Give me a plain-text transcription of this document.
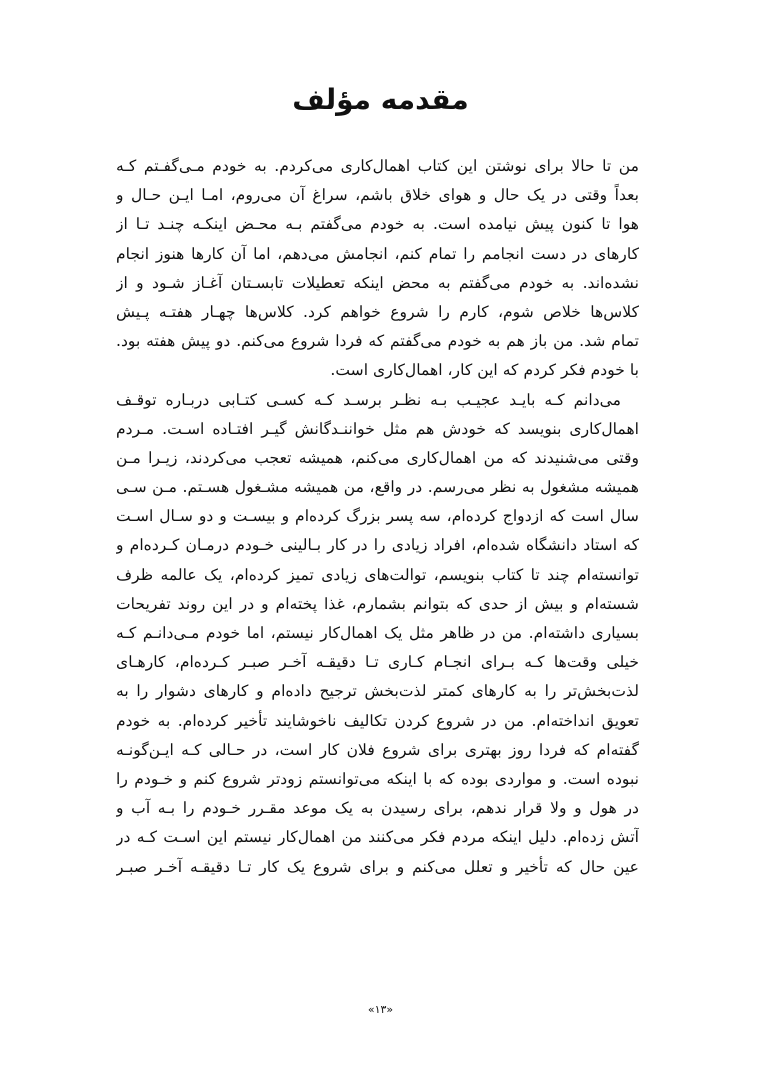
مقدمه مؤلف
من تا حالا برای نوشتن این کتاب اهمال‌کاری می‌کردم. به خودم مـی‌گفـتم کـه
بعداً وقتی در یک حال و هوای خلاق باشم، سراغ آن می‌روم، امـا ایـن حـال و
هوا تا کنون پیش نیامده است. به خودم می‌گفتم بـه محـض اینکـه چنـد تـا از
کارهای در دست انجامم را تمام کنم، انجامش می‌دهم، اما آن کارها هنوز انجام
نشده‌اند. به خودم می‌گفتم به محض اینکه تعطیلات تابسـتان آغـاز شـود و از
کلاس‌ها خلاص شوم، کارم را شروع خواهم کرد. کلاس‌ها چهـار هفتـه پـیش
تمام شد. من باز هم به خودم می‌گفتم که فردا شروع می‌کنم. دو پیش هفته بود.
با خودم فکر کردم که این کار، اهمال‌کاری است.
می‌دانم کـه بایـد عجیـب بـه نظـر برسـد کـه کسـی کتـابی دربـاره توقـف
اهمال‌کاری بنویسد که خودش هم مثل خواننـدگانش گیـر افتـاده اسـت. مـردم
وقتی می‌شنیدند که من اهمال‌کاری می‌کنم، همیشه تعجب می‌کردند، زیـرا مـن
همیشه مشغول به نظر می‌رسم. در واقع، من همیشه مشـغول هسـتم. مـن سـی
سال است که ازدواج کرده‌ام، سه پسر بزرگ کرده‌ام و بیسـت و دو سـال اسـت
که استاد دانشگاه شده‌ام، افراد زیادی را در کار بـالینی خـودم درمـان کـرده‌ام و
توانسته‌ام چند تا کتاب بنویسم، توالت‌های زیادی تمیز کرده‌ام، یک عالمه ظرف
شسته‌ام و بیش از حدی که بتوانم بشمارم، غذا پخته‌ام و در این روند تفریحات
بسیاری داشته‌ام. من در ظاهر مثل یک اهمال‌کار نیستم، اما خودم مـی‌دانـم کـه
خیلی وقت‌ها کـه بـرای انجـام کـاری تـا دقیقـه آخـر صبـر کـرده‌ام، کارهـای
لذت‌بخش‌تر را به کارهای کمتر لذت‌بخش ترجیح داده‌ام و کارهای دشوار را به
تعویق انداخته‌ام. من در شروع کردن تکالیف ناخوشایند تأخیر کرده‌ام. به خودم
گفته‌ام که فردا روز بهتری برای شروع فلان کار است، در حـالی کـه ایـن‌گونـه
نبوده است. و مواردی بوده که با اینکه می‌توانستم زودتر شروع کنم و خـودم را
در هول و ولا قرار ندهم، برای رسیدن به یک موعد مقـرر خـودم را بـه آب و
آتش زده‌ام. دلیل اینکه مردم فکر می‌کنند من اهمال‌کار نیستم این اسـت کـه در
عین حال که تأخیر و تعلل می‌کنم و برای شروع یک کار تـا دقیقـه آخـر صبـر
«۱۳»
